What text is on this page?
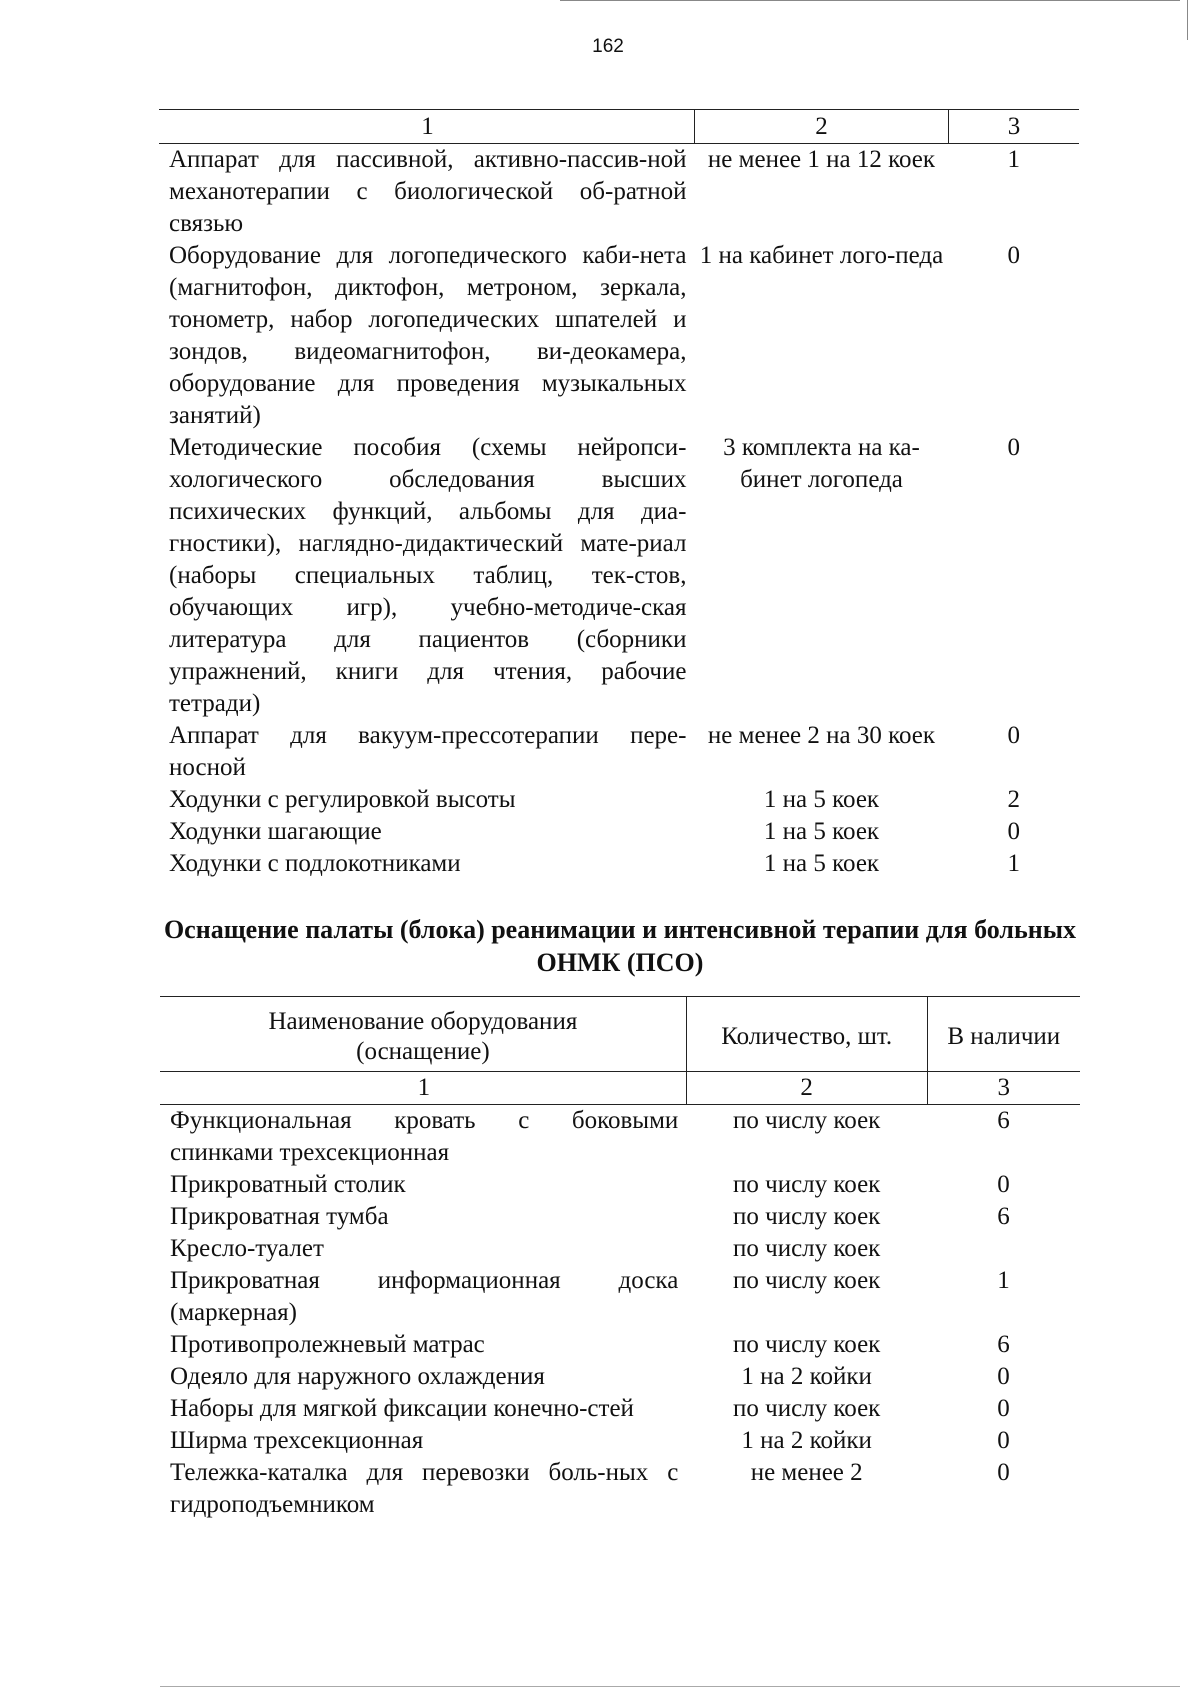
162
1	2	3
Аппарат для пассивной, активно-пассив-ной механотерапии с биологической об-ратной связью	не менее 1 на 12 коек	1
Оборудование для логопедического каби-нета (магнитофон, диктофон, метроном, зеркала, тонометр, набор логопедических шпателей и зондов, видеомагнитофон, ви-деокамера, оборудование для проведения музыкальных занятий)	1 на кабинет лого-педа	0
Методические пособия (схемы нейропси-хологического обследования высших психических функций, альбомы для диа-гностики), наглядно-дидактический мате-риал (наборы специальных таблиц, тек-стов, обучающих игр), учебно-методиче-ская литература для пациентов (сборники упражнений, книги для чтения, рабочие тетради)	3 комплекта на ка-бинет логопеда	0
Аппарат для вакуум-прессотерапии пере-носной	не менее 2 на 30 коек	0
Ходунки с регулировкой высоты	1 на 5 коек	2
Ходунки шагающие	1 на 5 коек	0
Ходунки с подлокотниками	1 на 5 коек	1
Оснащение палаты (блока) реанимации и интенсивной терапии для больных ОНМК (ПСО)
Наименование оборудования (оснащение)	Количество, шт.	В наличии
1	2	3
Функциональная кровать с боковыми спинками трехсекционная	по числу коек	6
Прикроватный столик	по числу коек	0
Прикроватная тумба	по числу коек	6
Кресло-туалет	по числу коек	
Прикроватная информационная доска (маркерная)	по числу коек	1
Противопролежневый матрас	по числу коек	6
Одеяло для наружного охлаждения	1 на 2 койки	0
Наборы для мягкой фиксации конечно-стей	по числу коек	0
Ширма трехсекционная	1 на 2 койки	0
Тележка-каталка для перевозки боль-ных с гидроподъемником	не менее 2	0
